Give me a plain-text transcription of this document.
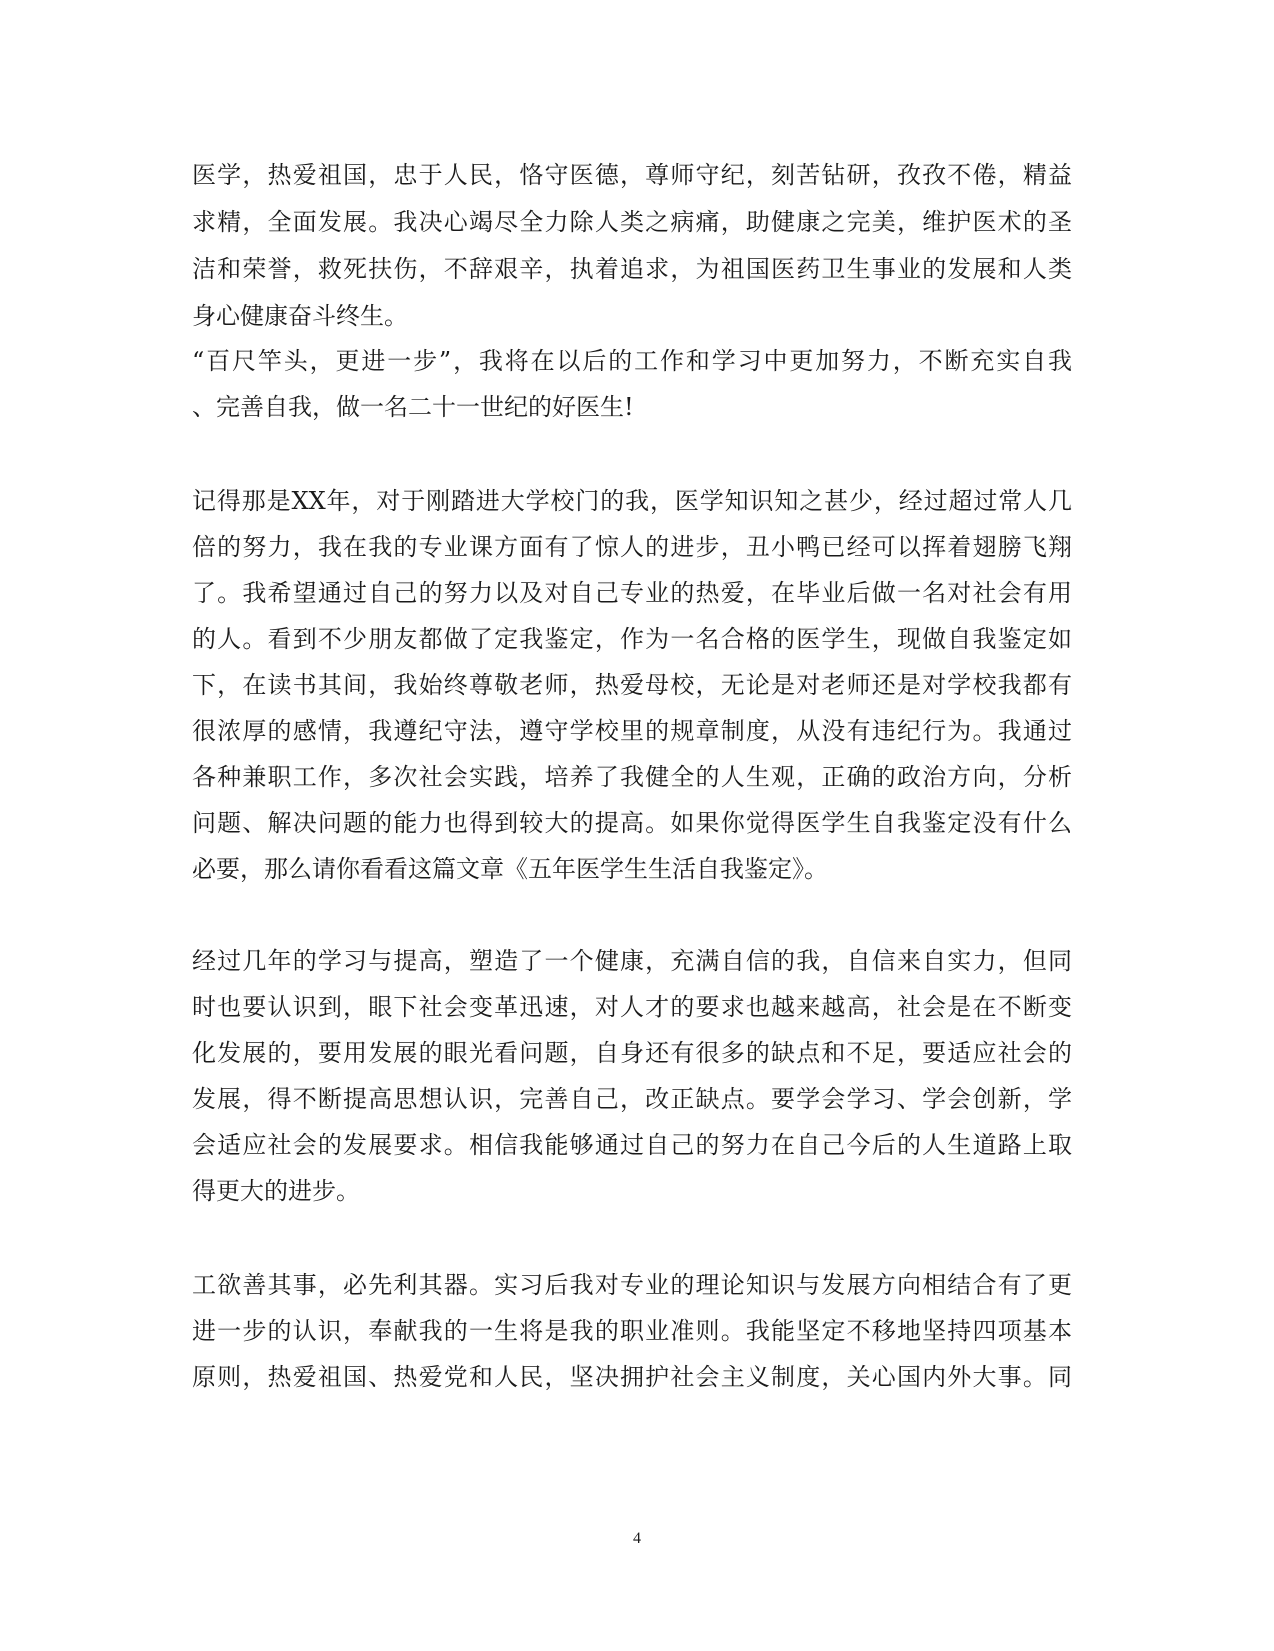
医学，热爱祖国，忠于人民，恪守医德，尊师守纪，刻苦钻研，孜孜不倦，精益
求精，全面发展。我决心竭尽全力除人类之病痛，助健康之完美，维护医术的圣
洁和荣誉，救死扶伤，不辞艰辛，执着追求，为祖国医药卫生事业的发展和人类
身心健康奋斗终生。
“百尺竿头，更进一步”，我将在以后的工作和学习中更加努力，不断充实自我
、完善自我，做一名二十一世纪的好医生!
记得那是XX年，对于刚踏进大学校门的我，医学知识知之甚少，经过超过常人几
倍的努力，我在我的专业课方面有了惊人的进步，丑小鸭已经可以挥着翅膀飞翔
了。我希望通过自己的努力以及对自己专业的热爱，在毕业后做一名对社会有用
的人。看到不少朋友都做了定我鉴定，作为一名合格的医学生，现做自我鉴定如
下，在读书其间，我始终尊敬老师，热爱母校，无论是对老师还是对学校我都有
很浓厚的感情，我遵纪守法，遵守学校里的规章制度，从没有违纪行为。我通过
各种兼职工作，多次社会实践，培养了我健全的人生观，正确的政治方向，分析
问题、解决问题的能力也得到较大的提高。如果你觉得医学生自我鉴定没有什么
必要，那么请你看看这篇文章《五年医学生生活自我鉴定》。
经过几年的学习与提高，塑造了一个健康，充满自信的我，自信来自实力，但同
时也要认识到，眼下社会变革迅速，对人才的要求也越来越高，社会是在不断变
化发展的，要用发展的眼光看问题，自身还有很多的缺点和不足，要适应社会的
发展，得不断提高思想认识，完善自己，改正缺点。要学会学习、学会创新，学
会适应社会的发展要求。相信我能够通过自己的努力在自己今后的人生道路上取
得更大的进步。
工欲善其事，必先利其器。实习后我对专业的理论知识与发展方向相结合有了更
进一步的认识，奉献我的一生将是我的职业准则。我能坚定不移地坚持四项基本
原则，热爱祖国、热爱党和人民，坚决拥护社会主义制度，关心国内外大事。同
4
